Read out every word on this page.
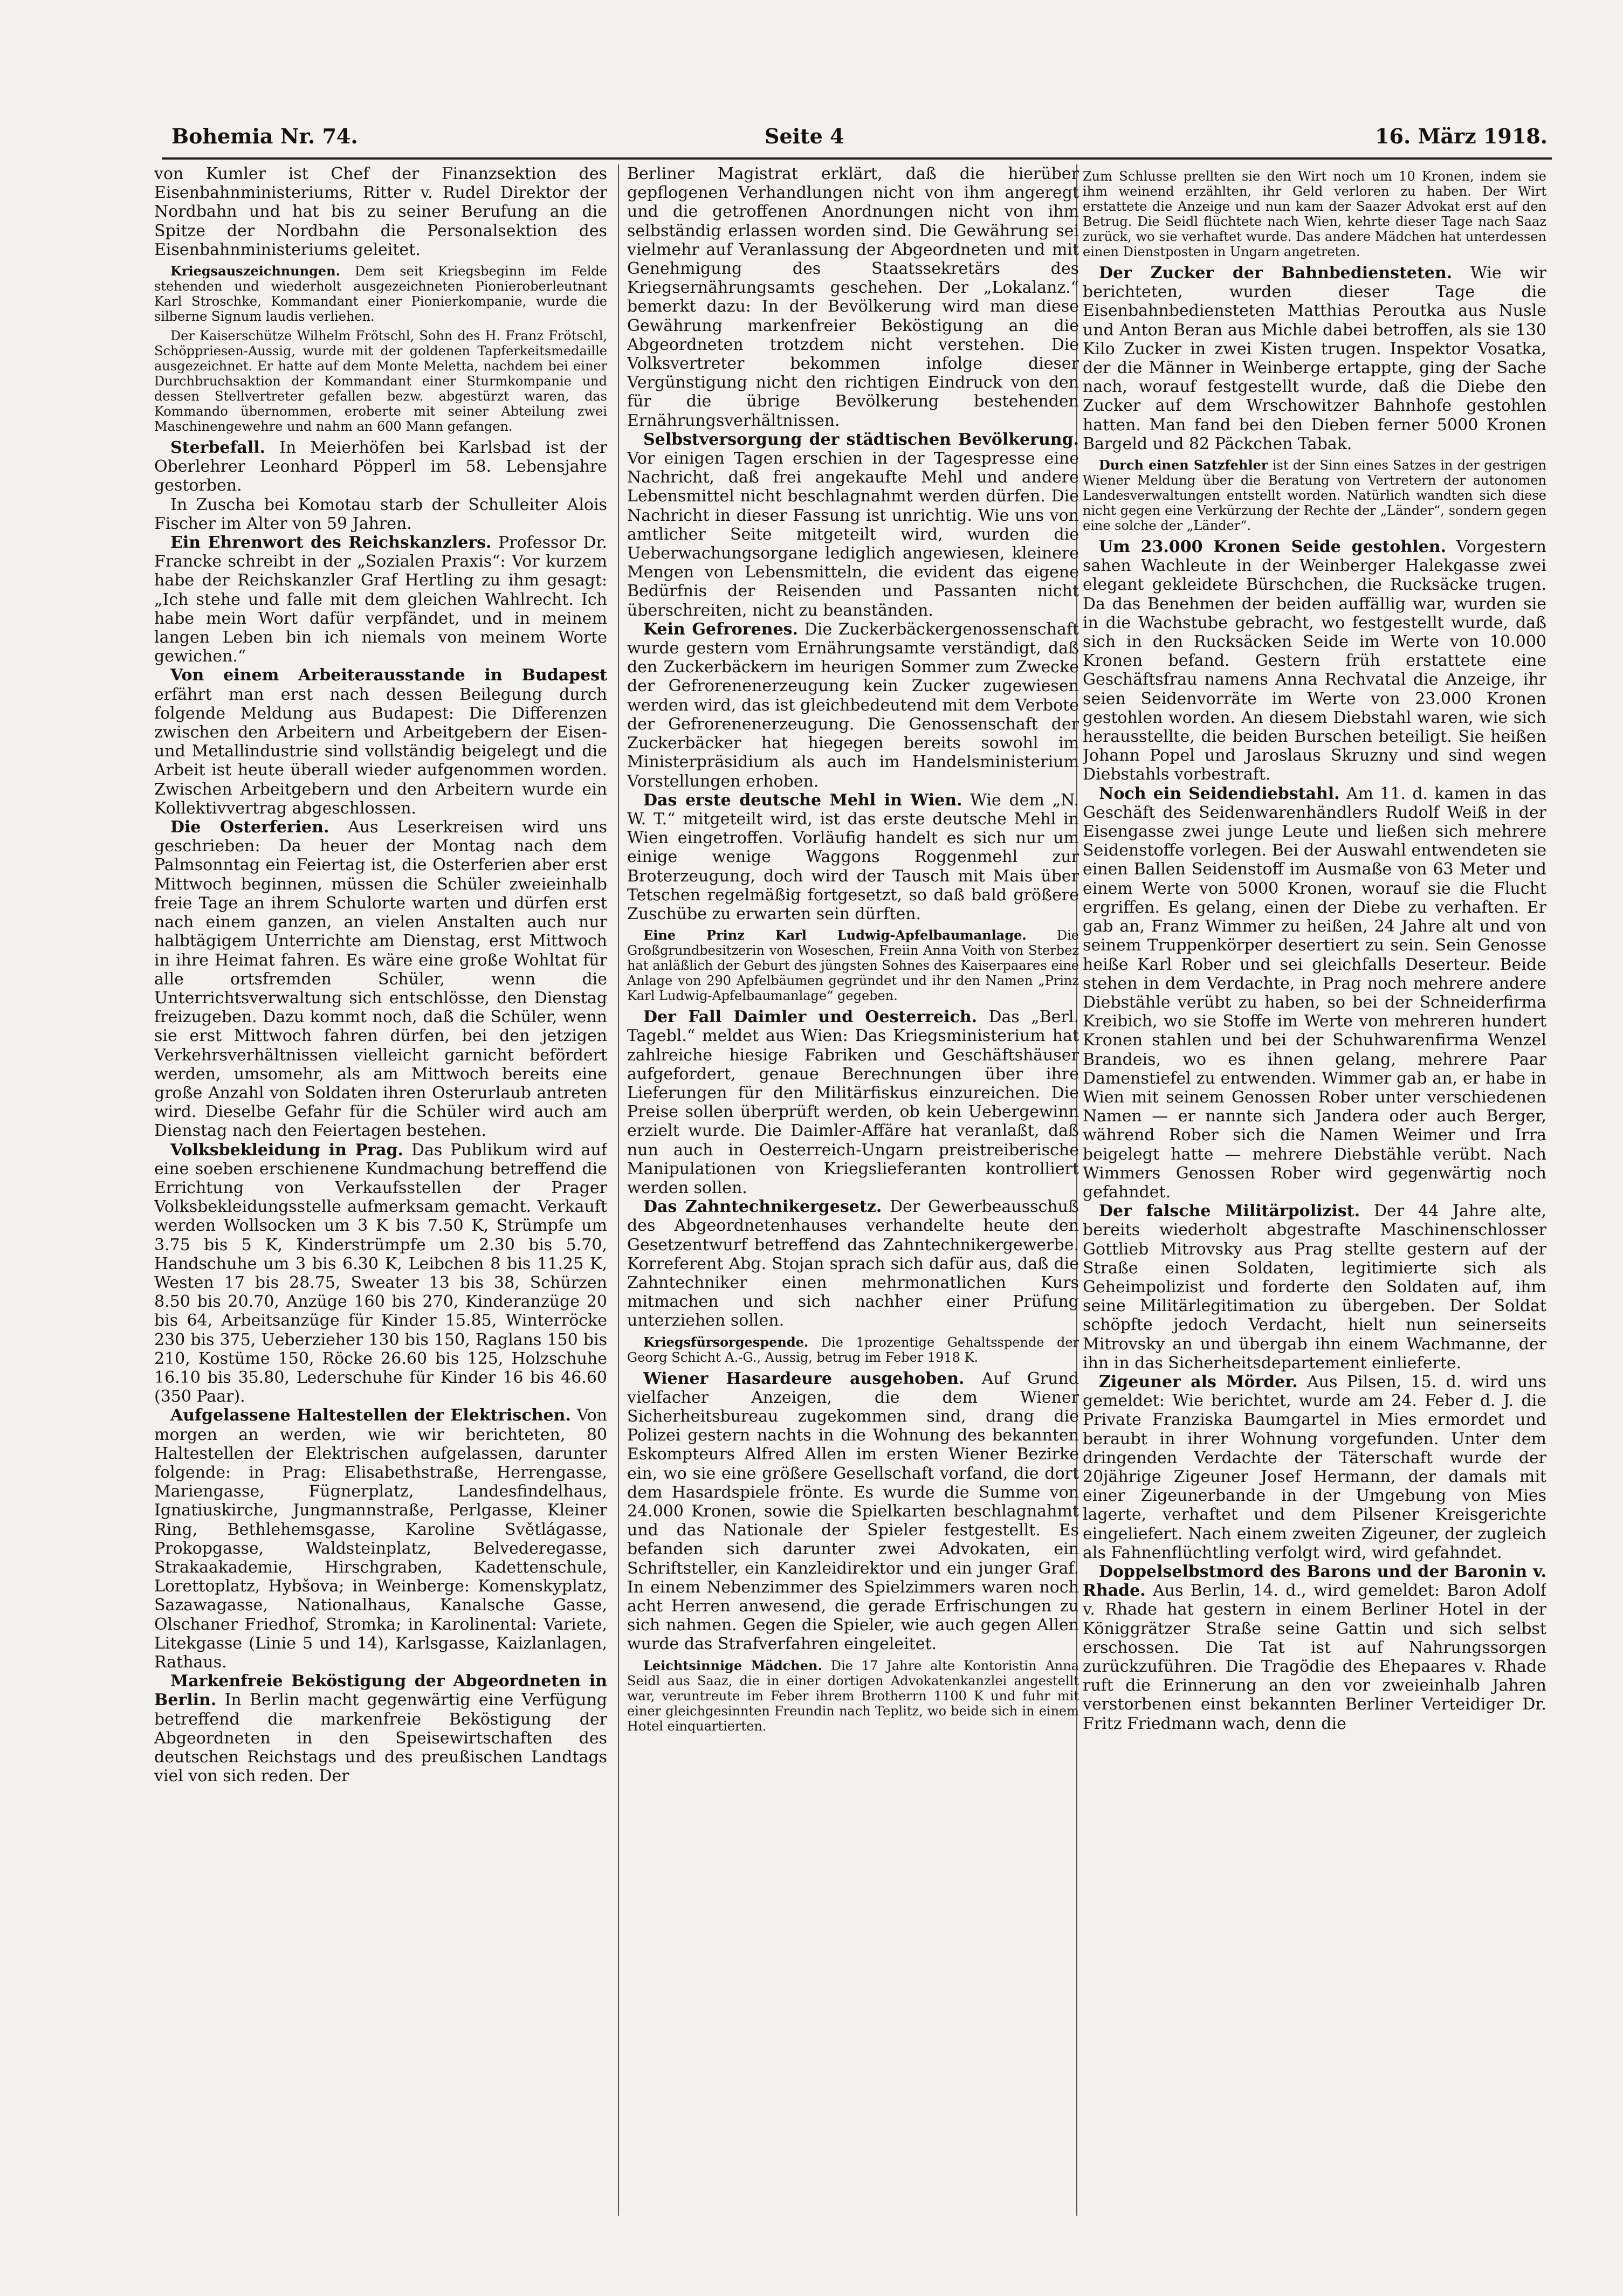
Bohemia Nr. 74.	Seite 4	16. März 1918.

von Kumler ist Chef der Finanzsektion des Eisenbahnministeriums, Ritter v. Rudel Direktor der Nordbahn und hat bis zu seiner Berufung an die Spitze der Nordbahn die Personalsektion des Eisenbahnministeriums geleitet.

Kriegsauszeichnungen. Dem seit Kriegsbeginn im Felde stehenden und wiederholt ausgezeichneten Pionieroberleutnant Karl Stroschke, Kommandant einer Pionierkompanie, wurde die silberne Signum laudis verliehen.

Der Kaiserschütze Wilhelm Frötschl, Sohn des H. Franz Frötschl, Schöppriesen-Aussig, wurde mit der goldenen Tapferkeitsmedaille ausgezeichnet. Er hatte auf dem Monte Meletta, nachdem bei einer Durchbruchsaktion der Kommandant einer Sturmkompanie und dessen Stellvertreter gefallen bezw. abgestürzt waren, das Kommando übernommen, eroberte mit seiner Abteilung zwei Maschinengewehre und nahm an 600 Mann gefangen.

Sterbefall. In Meierhöfen bei Karlsbad ist der Oberlehrer Leonhard Pöpperl im 58. Lebensjahre gestorben.

In Zuscha bei Komotau starb der Schulleiter Alois Fischer im Alter von 59 Jahren.

Ein Ehrenwort des Reichskanzlers. Professor Dr. Francke schreibt in der „Sozialen Praxis“: Vor kurzem habe der Reichskanzler Graf Hertling zu ihm gesagt: „Ich stehe und falle mit dem gleichen Wahlrecht. Ich habe mein Wort dafür verpfändet, und in meinem langen Leben bin ich niemals von meinem Worte gewichen.“

Von einem Arbeiterausstande in Budapest erfährt man erst nach dessen Beilegung durch folgende Meldung aus Budapest: Die Differenzen zwischen den Arbeitern und Arbeitgebern der Eisen- und Metallindustrie sind vollständig beigelegt und die Arbeit ist heute überall wieder aufgenommen worden. Zwischen Arbeitgebern und den Arbeitern wurde ein Kollektivvertrag abgeschlossen.

Die Osterferien. Aus Leserkreisen wird uns geschrieben: Da heuer der Montag nach dem Palmsonntag ein Feiertag ist, die Osterferien aber erst Mittwoch beginnen, müssen die Schüler zweieinhalb freie Tage an ihrem Schulorte warten und dürfen erst nach einem ganzen, an vielen Anstalten auch nur halbtägigem Unterrichte am Dienstag, erst Mittwoch in ihre Heimat fahren. Es wäre eine große Wohltat für alle ortsfremden Schüler, wenn die Unterrichtsverwaltung sich entschlösse, den Dienstag freizugeben. Dazu kommt noch, daß die Schüler, wenn sie erst Mittwoch fahren dürfen, bei den jetzigen Verkehrsverhältnissen vielleicht garnicht befördert werden, umsomehr, als am Mittwoch bereits eine große Anzahl von Soldaten ihren Osterurlaub antreten wird. Dieselbe Gefahr für die Schüler wird auch am Dienstag nach den Feiertagen bestehen.

Volksbekleidung in Prag. Das Publikum wird auf eine soeben erschienene Kundmachung betreffend die Errichtung von Verkaufsstellen der Prager Volksbekleidungsstelle aufmerksam gemacht. Verkauft werden Wollsocken um 3 K bis 7.50 K, Strümpfe um 3.75 bis 5 K, Kinderstrümpfe um 2.30 bis 5.70, Handschuhe um 3 bis 6.30 K, Leibchen 8 bis 11.25 K, Westen 17 bis 28.75, Sweater 13 bis 38, Schürzen 8.50 bis 20.70, Anzüge 160 bis 270, Kinderanzüge 20 bis 64, Arbeitsanzüge für Kinder 15.85, Winterröcke 230 bis 375, Ueberzieher 130 bis 150, Raglans 150 bis 210, Kostüme 150, Röcke 26.60 bis 125, Holzschuhe 16.10 bis 35.80, Lederschuhe für Kinder 16 bis 46.60 (350 Paar).

Aufgelassene Haltestellen der Elektrischen. Von morgen an werden, wie wir berichteten, 80 Haltestellen der Elektrischen aufgelassen, darunter folgende: in Prag: Elisabethstraße, Herrengasse, Mariengasse, Fügnerplatz, Landesfindelhaus, Ignatiuskirche, Jungmannstraße, Perlgasse, Kleiner Ring, Bethlehemsgasse, Karoline Světlágasse, Prokopgasse, Waldsteinplatz, Belvederegasse, Strakaakademie, Hirschgraben, Kadettenschule, Lorettoplatz, Hybšova; in Weinberge: Komenskyplatz, Sazawagasse, Nationalhaus, Kanalsche Gasse, Olschaner Friedhof, Stromka; in Karolinental: Variete, Litekgasse (Linie 5 und 14), Karlsgasse, Kaizlanlagen, Rathaus.

Markenfreie Beköstigung der Abgeordneten in Berlin. In Berlin macht gegenwärtig eine Verfügung betreffend die markenfreie Beköstigung der Abgeordneten in den Speisewirtschaften des deutschen Reichstags und des preußischen Landtags viel von sich reden. Der

Berliner Magistrat erklärt, daß die hierüber gepflogenen Verhandlungen nicht von ihm angeregt und die getroffenen Anordnungen nicht von ihm selbständig erlassen worden sind. Die Gewährung sei vielmehr auf Veranlassung der Abgeordneten und mit Genehmigung des Staatssekretärs des Kriegsernährungsamts geschehen. Der „Lokalanz.“ bemerkt dazu: In der Bevölkerung wird man diese Gewährung markenfreier Beköstigung an die Abgeordneten trotzdem nicht verstehen. Die Volksvertreter bekommen infolge dieser Vergünstigung nicht den richtigen Eindruck von den für die übrige Bevölkerung bestehenden Ernährungsverhältnissen.

Selbstversorgung der städtischen Bevölkerung. Vor einigen Tagen erschien in der Tagespresse eine Nachricht, daß frei angekaufte Mehl und andere Lebensmittel nicht beschlagnahmt werden dürfen. Die Nachricht in dieser Fassung ist unrichtig. Wie uns von amtlicher Seite mitgeteilt wird, wurden die Ueberwachungsorgane lediglich angewiesen, kleinere Mengen von Lebensmitteln, die evident das eigene Bedürfnis der Reisenden und Passanten nicht überschreiten, nicht zu beanständen.

Kein Gefrorenes. Die Zuckerbäckergenossenschaft wurde gestern vom Ernährungsamte verständigt, daß den Zuckerbäckern im heurigen Sommer zum Zwecke der Gefrorenenerzeugung kein Zucker zugewiesen werden wird, das ist gleichbedeutend mit dem Verbote der Gefrorenenerzeugung. Die Genossenschaft der Zuckerbäcker hat hiegegen bereits sowohl im Ministerpräsidium als auch im Handelsministerium Vorstellungen erhoben.

Das erste deutsche Mehl in Wien. Wie dem „N. W. T.“ mitgeteilt wird, ist das erste deutsche Mehl in Wien eingetroffen. Vorläufig handelt es sich nur um einige wenige Waggons Roggenmehl zur Broterzeugung, doch wird der Tausch mit Mais über Tetschen regelmäßig fortgesetzt, so daß bald größere Zuschübe zu erwarten sein dürften.

Eine Prinz Karl Ludwig-Apfelbaumanlage. Die Großgrundbesitzerin von Woseschen, Freiin Anna Voith von Sterbez hat anläßlich der Geburt des jüngsten Sohnes des Kaiserpaares eine Anlage von 290 Apfelbäumen gegründet und ihr den Namen „Prinz Karl Ludwig-Apfelbaumanlage“ gegeben.

Der Fall Daimler und Oesterreich. Das „Berl. Tagebl.“ meldet aus Wien: Das Kriegsministerium hat zahlreiche hiesige Fabriken und Geschäftshäuser aufgefordert, genaue Berechnungen über ihre Lieferungen für den Militärfiskus einzureichen. Die Preise sollen überprüft werden, ob kein Uebergewinn erzielt wurde. Die Daimler-Affäre hat veranlaßt, daß nun auch in Oesterreich-Ungarn preistreiberische Manipulationen von Kriegslieferanten kontrolliert werden sollen.

Das Zahntechnikergesetz. Der Gewerbeausschuß des Abgeordnetenhauses verhandelte heute den Gesetzentwurf betreffend das Zahntechnikergewerbe. Korreferent Abg. Stojan sprach sich dafür aus, daß die Zahntechniker einen mehrmonatlichen Kurs mitmachen und sich nachher einer Prüfung unterziehen sollen.

Kriegsfürsorgespende. Die 1prozentige Gehaltsspende der Georg Schicht A.-G., Aussig, betrug im Feber 1918 K.

Wiener Hasardeure ausgehoben. Auf Grund vielfacher Anzeigen, die dem Wiener Sicherheitsbureau zugekommen sind, drang die Polizei gestern nachts in die Wohnung des bekannten Eskompteurs Alfred Allen im ersten Wiener Bezirke ein, wo sie eine größere Gesellschaft vorfand, die dort dem Hasardspiele frönte. Es wurde die Summe von 24.000 Kronen, sowie die Spielkarten beschlagnahmt und das Nationale der Spieler festgestellt. Es befanden sich darunter zwei Advokaten, ein Schriftsteller, ein Kanzleidirektor und ein junger Graf. In einem Nebenzimmer des Spielzimmers waren noch acht Herren anwesend, die gerade Erfrischungen zu sich nahmen. Gegen die Spieler, wie auch gegen Allen wurde das Strafverfahren eingeleitet.

Leichtsinnige Mädchen. Die 17 Jahre alte Kontoristin Anna Seidl aus Saaz, die in einer dortigen Advokatenkanzlei angestellt war, veruntreute im Feber ihrem Brotherrn 1100 K und fuhr mit einer gleichgesinnten Freundin nach Teplitz, wo beide sich in einem Hotel einquartierten.

Zum Schlusse prellten sie den Wirt noch um 10 Kronen, indem sie ihm weinend erzählten, ihr Geld verloren zu haben. Der Wirt erstattete die Anzeige und nun kam der Saazer Advokat erst auf den Betrug. Die Seidl flüchtete nach Wien, kehrte dieser Tage nach Saaz zurück, wo sie verhaftet wurde. Das andere Mädchen hat unterdessen einen Dienstposten in Ungarn angetreten.

Der Zucker der Bahnbediensteten. Wie wir berichteten, wurden dieser Tage die Eisenbahnbediensteten Matthias Peroutka aus Nusle und Anton Beran aus Michle dabei betroffen, als sie 130 Kilo Zucker in zwei Kisten trugen. Inspektor Vosatka, der die Männer in Weinberge ertappte, ging der Sache nach, worauf festgestellt wurde, daß die Diebe den Zucker auf dem Wrschowitzer Bahnhofe gestohlen hatten. Man fand bei den Dieben ferner 5000 Kronen Bargeld und 82 Päckchen Tabak.

Durch einen Satzfehler ist der Sinn eines Satzes in der gestrigen Wiener Meldung über die Beratung von Vertretern der autonomen Landesverwaltungen entstellt worden. Natürlich wandten sich diese nicht gegen eine Verkürzung der Rechte der „Länder“, sondern gegen eine solche der „Länder“.

Um 23.000 Kronen Seide gestohlen. Vorgestern sahen Wachleute in der Weinberger Halekgasse zwei elegant gekleidete Bürschchen, die Rucksäcke trugen. Da das Benehmen der beiden auffällig war, wurden sie in die Wachstube gebracht, wo festgestellt wurde, daß sich in den Rucksäcken Seide im Werte von 10.000 Kronen befand. Gestern früh erstattete eine Geschäftsfrau namens Anna Rechvatal die Anzeige, ihr seien Seidenvorräte im Werte von 23.000 Kronen gestohlen worden. An diesem Diebstahl waren, wie sich herausstellte, die beiden Burschen beteiligt. Sie heißen Johann Popel und Jaroslaus Skruzny und sind wegen Diebstahls vorbestraft.

Noch ein Seidendiebstahl. Am 11. d. kamen in das Geschäft des Seidenwarenhändlers Rudolf Weiß in der Eisengasse zwei junge Leute und ließen sich mehrere Seidenstoffe vorlegen. Bei der Auswahl entwendeten sie einen Ballen Seidenstoff im Ausmaße von 63 Meter und einem Werte von 5000 Kronen, worauf sie die Flucht ergriffen. Es gelang, einen der Diebe zu verhaften. Er gab an, Franz Wimmer zu heißen, 24 Jahre alt und von seinem Truppenkörper desertiert zu sein. Sein Genosse heiße Karl Rober und sei gleichfalls Deserteur. Beide stehen in dem Verdachte, in Prag noch mehrere andere Diebstähle verübt zu haben, so bei der Schneiderfirma Kreibich, wo sie Stoffe im Werte von mehreren hundert Kronen stahlen und bei der Schuhwarenfirma Wenzel Brandeis, wo es ihnen gelang, mehrere Paar Damenstiefel zu entwenden. Wimmer gab an, er habe in Wien mit seinem Genossen Rober unter verschiedenen Namen — er nannte sich Jandera oder auch Berger, während Rober sich die Namen Weimer und Irra beigelegt hatte — mehrere Diebstähle verübt. Nach Wimmers Genossen Rober wird gegenwärtig noch gefahndet.

Der falsche Militärpolizist. Der 44 Jahre alte, bereits wiederholt abgestrafte Maschinenschlosser Gottlieb Mitrovsky aus Prag stellte gestern auf der Straße einen Soldaten, legitimierte sich als Geheimpolizist und forderte den Soldaten auf, ihm seine Militärlegitimation zu übergeben. Der Soldat schöpfte jedoch Verdacht, hielt nun seinerseits Mitrovsky an und übergab ihn einem Wachmanne, der ihn in das Sicherheitsdepartement einlieferte.

Zigeuner als Mörder. Aus Pilsen, 15. d. wird uns gemeldet: Wie berichtet, wurde am 24. Feber d. J. die Private Franziska Baumgartel in Mies ermordet und beraubt in ihrer Wohnung vorgefunden. Unter dem dringenden Verdachte der Täterschaft wurde der 20jährige Zigeuner Josef Hermann, der damals mit einer Zigeunerbande in der Umgebung von Mies lagerte, verhaftet und dem Pilsener Kreisgerichte eingeliefert. Nach einem zweiten Zigeuner, der zugleich als Fahnenflüchtling verfolgt wird, wird gefahndet.

Doppelselbstmord des Barons und der Baronin v. Rhade. Aus Berlin, 14. d., wird gemeldet: Baron Adolf v. Rhade hat gestern in einem Berliner Hotel in der Königgrätzer Straße seine Gattin und sich selbst erschossen. Die Tat ist auf Nahrungssorgen zurückzuführen. Die Tragödie des Ehepaares v. Rhade ruft die Erinnerung an den vor zweieinhalb Jahren verstorbenen einst bekannten Berliner Verteidiger Dr. Fritz Friedmann wach, denn die
